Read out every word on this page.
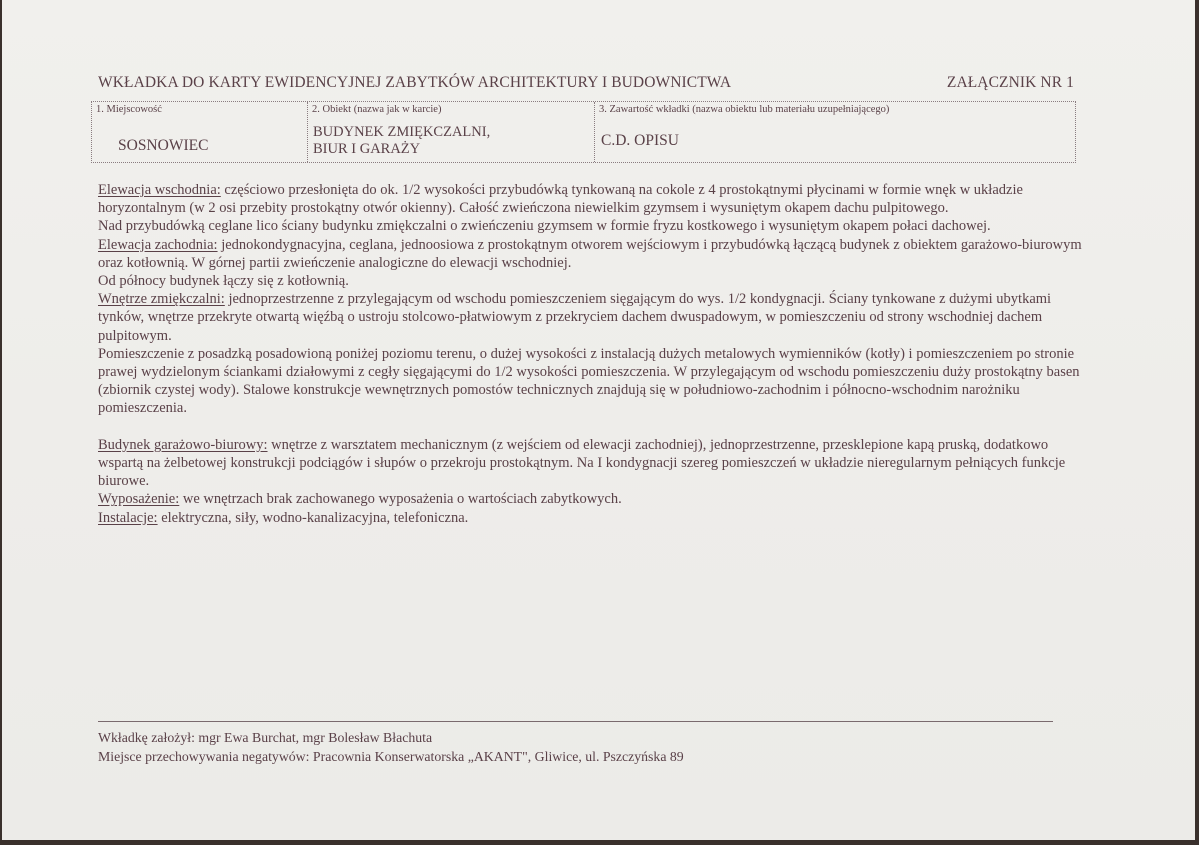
WKŁADKA DO KARTY EWIDENCYJNEJ ZABYTKÓW ARCHITEKTURY I BUDOWNICTWA	ZAŁĄCZNIK NR 1
1. Miejscowość
SOSNOWIEC
2. Obiekt (nazwa jak w karcie)
BUDYNEK ZMIĘKCZALNI,
BIUR I GARAŻY
3. Zawartość wkładki (nazwa obiektu lub materiału uzupełniającego)
C.D. OPISU

Elewacja wschodnia: częściowo przesłonięta do ok. 1/2 wysokości przybudówką tynkowaną na cokole z 4 prostokątnymi płycinami w formie wnęk w układzie horyzontalnym (w 2 osi przebity prostokątny otwór okienny). Całość zwieńczona niewielkim gzymsem i wysuniętym okapem dachu pulpitowego.

Nad przybudówką ceglane lico ściany budynku zmiękczalni o zwieńczeniu gzymsem w formie fryzu kostkowego i wysuniętym okapem połaci dachowej.

Elewacja zachodnia: jednokondygnacyjna, ceglana, jednoosiowa z prostokątnym otworem wejściowym i przybudówką łączącą budynek z obiektem garażowo-biurowym oraz kotłownią. W górnej partii zwieńczenie analogiczne do elewacji wschodniej.

Od północy budynek łączy się z kotłownią.

Wnętrze zmiękczalni: jednoprzestrzenne z przylegającym od wschodu pomieszczeniem sięgającym do wys. 1/2 kondygnacji. Ściany tynkowane z dużymi ubytkami tynków, wnętrze przekryte otwartą więźbą o ustroju stolcowo-płatwiowym z przekryciem dachem dwuspadowym, w pomieszczeniu od strony wschodniej dachem pulpitowym.

Pomieszczenie z posadzką posadowioną poniżej poziomu terenu, o dużej wysokości z instalacją dużych metalowych wymienników (kotły) i pomieszczeniem po stronie prawej wydzielonym ściankami działowymi z cegły sięgającymi do 1/2 wysokości pomieszczenia. W przylegającym od wschodu pomieszczeniu duży prostokątny basen (zbiornik czystej wody). Stalowe konstrukcje wewnętrznych pomostów technicznych znajdują się w południowo-zachodnim i północno-wschodnim narożniku pomieszczenia.

Budynek garażowo-biurowy: wnętrze z warsztatem mechanicznym (z wejściem od elewacji zachodniej), jednoprzestrzenne, przesklepione kapą pruską, dodatkowo wspartą na żelbetowej konstrukcji podciągów i słupów o przekroju prostokątnym. Na I kondygnacji szereg pomieszczeń w układzie nieregularnym pełniących funkcje biurowe.

Wyposażenie: we wnętrzach brak zachowanego wyposażenia o wartościach zabytkowych.

Instalacje: elektryczna, siły, wodno-kanalizacyjna, telefoniczna.

Wkładkę założył: mgr Ewa Burchat, mgr Bolesław Błachuta
Miejsce przechowywania negatywów: Pracownia Konserwatorska „AKANT", Gliwice, ul. Pszczyńska 89
